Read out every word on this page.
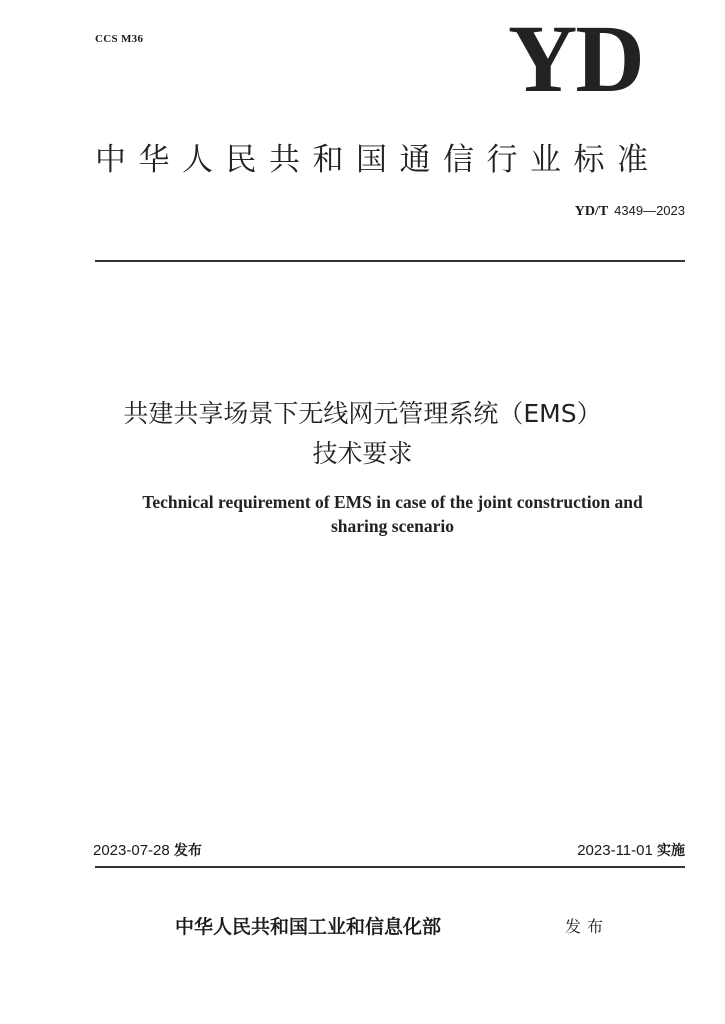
CCS M36	YD
中华人民共和国通信行业标准
YD/T 4349—2023
共建共享场景下无线网元管理系统（EMS）
技术要求
Technical requirement of EMS in case of the joint construction and
sharing scenario
2023-07-28 发布	2023-11-01 实施
中华人民共和国工业和信息化部	发布
